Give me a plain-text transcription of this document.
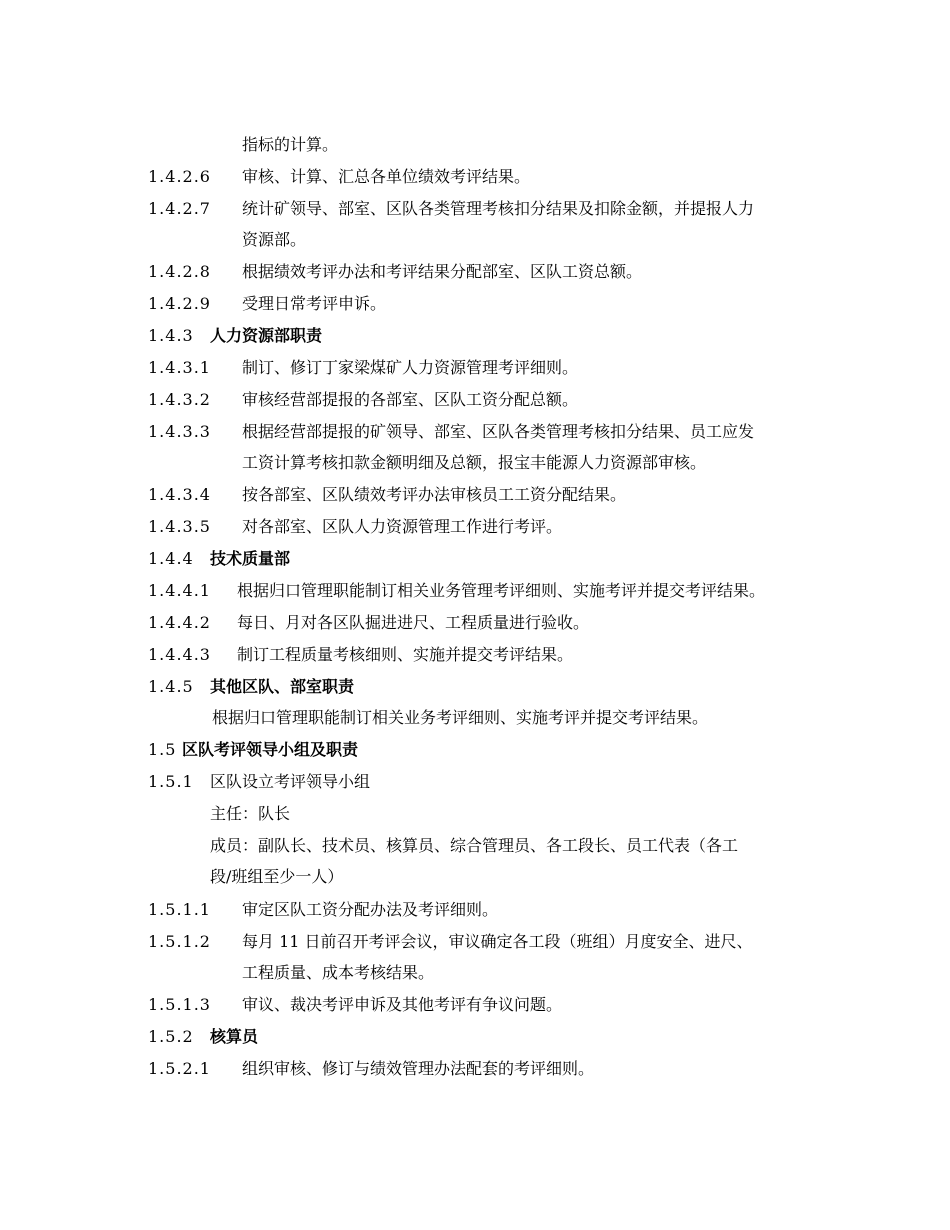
指标的计算。
1.4.2.6 审核、计算、汇总各单位绩效考评结果。
1.4.2.7 统计矿领导、部室、区队各类管理考核扣分结果及扣除金额，并提报人力
资源部。
1.4.2.8 根据绩效考评办法和考评结果分配部室、区队工资总额。
1.4.2.9 受理日常考评申诉。
1.4.3 人力资源部职责
1.4.3.1 制订、修订丁家梁煤矿人力资源管理考评细则。
1.4.3.2 审核经营部提报的各部室、区队工资分配总额。
1.4.3.3 根据经营部提报的矿领导、部室、区队各类管理考核扣分结果、员工应发
工资计算考核扣款金额明细及总额，报宝丰能源人力资源部审核。
1.4.3.4 按各部室、区队绩效考评办法审核员工工资分配结果。
1.4.3.5 对各部室、区队人力资源管理工作进行考评。
1.4.4 技术质量部
1.4.4.1 根据归口管理职能制订相关业务管理考评细则、实施考评并提交考评结果。
1.4.4.2 每日、月对各区队掘进进尺、工程质量进行验收。
1.4.4.3 制订工程质量考核细则、实施并提交考评结果。
1.4.5 其他区队、部室职责
根据归口管理职能制订相关业务考评细则、实施考评并提交考评结果。
1.5 区队考评领导小组及职责
1.5.1 区队设立考评领导小组
主任：队长
成员：副队长、技术员、核算员、综合管理员、各工段长、员工代表（各工
段/班组至少一人）
1.5.1.1 审定区队工资分配办法及考评细则。
1.5.1.2 每月 11 日前召开考评会议，审议确定各工段（班组）月度安全、进尺、
工程质量、成本考核结果。
1.5.1.3 审议、裁决考评申诉及其他考评有争议问题。
1.5.2 核算员
1.5.2.1 组织审核、修订与绩效管理办法配套的考评细则。
